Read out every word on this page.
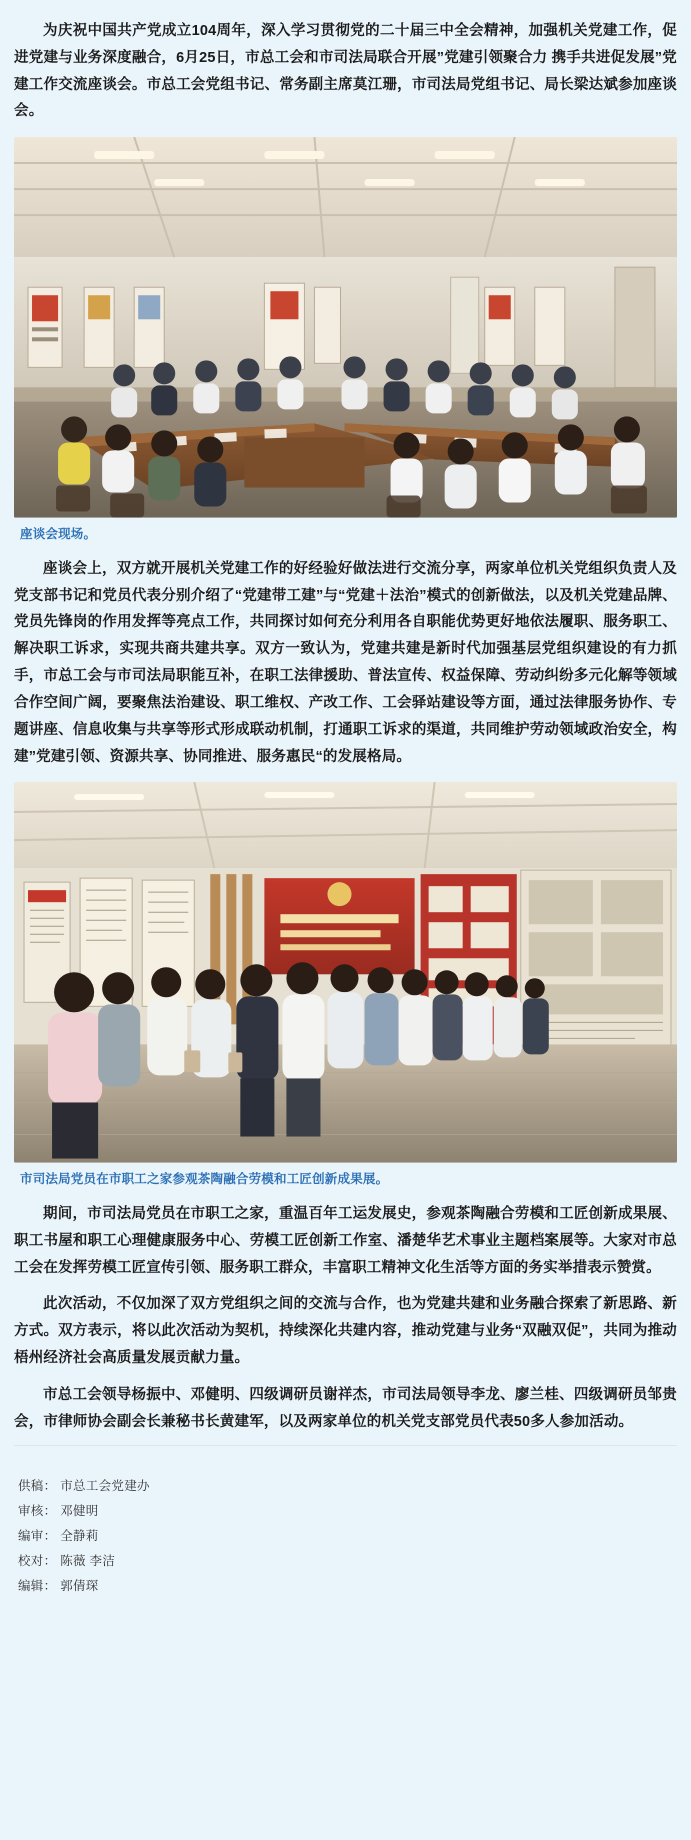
为庆祝中国共产党成立104周年，深入学习贯彻党的二十届三中全会精神，加强机关党建工作，促进党建与业务深度融合，6月25日，市总工会和市司法局联合开展”党建引领聚合力 携手共进促发展”党建工作交流座谈会。市总工会党组书记、常务副主席莫江珊，市司法局党组书记、局长梁达斌参加座谈会。

座谈会现场。

座谈会上，双方就开展机关党建工作的好经验好做法进行交流分享，两家单位机关党组织负责人及党支部书记和党员代表分别介绍了“党建带工建”与“党建＋法治”模式的创新做法，以及机关党建品牌、党员先锋岗的作用发挥等亮点工作，共同探讨如何充分利用各自职能优势更好地依法履职、服务职工、解决职工诉求，实现共商共建共享。双方一致认为，党建共建是新时代加强基层党组织建设的有力抓手，市总工会与市司法局职能互补，在职工法律援助、普法宣传、权益保障、劳动纠纷多元化解等领域合作空间广阔，要聚焦法治建设、职工维权、产改工作、工会驿站建设等方面，通过法律服务协作、专题讲座、信息收集与共享等形式形成联动机制，打通职工诉求的渠道，共同维护劳动领域政治安全，构建”党建引领、资源共享、协同推进、服务惠民“的发展格局。

市司法局党员在市职工之家参观茶陶融合劳模和工匠创新成果展。

期间，市司法局党员在市职工之家，重温百年工运发展史，参观茶陶融合劳模和工匠创新成果展、职工书屋和职工心理健康服务中心、劳模工匠创新工作室、潘楚华艺术事业主题档案展等。大家对市总工会在发挥劳模工匠宣传引领、服务职工群众，丰富职工精神文化生活等方面的务实举措表示赞赏。

此次活动，不仅加深了双方党组织之间的交流与合作，也为党建共建和业务融合探索了新思路、新方式。双方表示，将以此次活动为契机，持续深化共建内容，推动党建与业务“双融双促”，共同为推动梧州经济社会高质量发展贡献力量。

市总工会领导杨振中、邓健明、四级调研员谢祥杰，市司法局领导李龙、廖兰桂、四级调研员邹贵会，市律师协会副会长兼秘书长黄建军，以及两家单位的机关党支部党员代表50多人参加活动。

供稿： 市总工会党建办
审核： 邓健明
编审： 全静莉
校对： 陈薇 李洁
编辑： 郭倩琛
